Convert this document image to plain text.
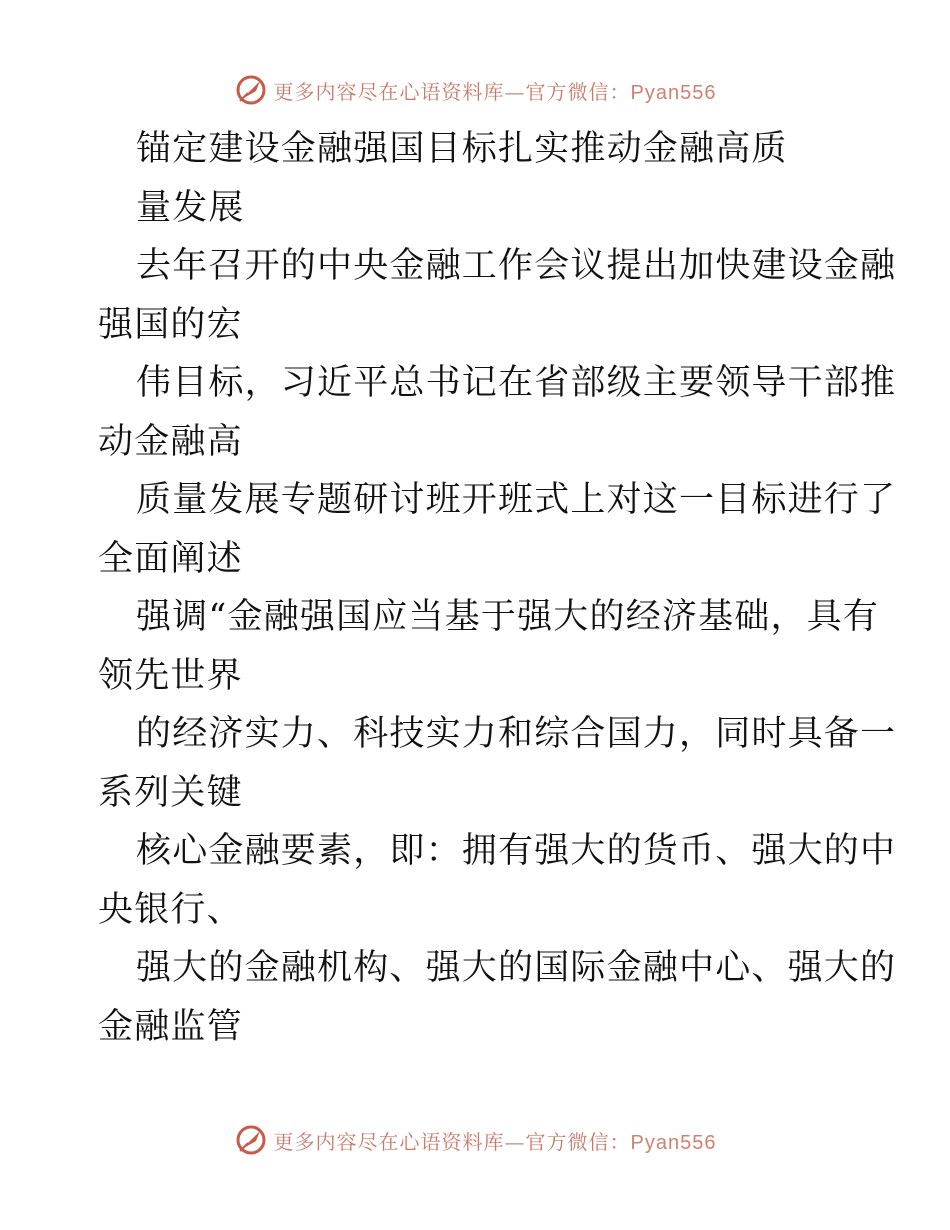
更多内容尽在心语资料库—官方微信：Pyan556
锚定建设金融强国目标扎实推动金融高质
量发展
去年召开的中央金融工作会议提出加快建设金融
强国的宏
伟目标，习近平总书记在省部级主要领导干部推
动金融高
质量发展专题研讨班开班式上对这一目标进行了
全面阐述
强调“金融强国应当基于强大的经济基础，具有
领先世界
的经济实力、科技实力和综合国力，同时具备一
系列关键
核心金融要素，即：拥有强大的货币、强大的中
央银行、
强大的金融机构、强大的国际金融中心、强大的
金融监管
更多内容尽在心语资料库—官方微信：Pyan556
